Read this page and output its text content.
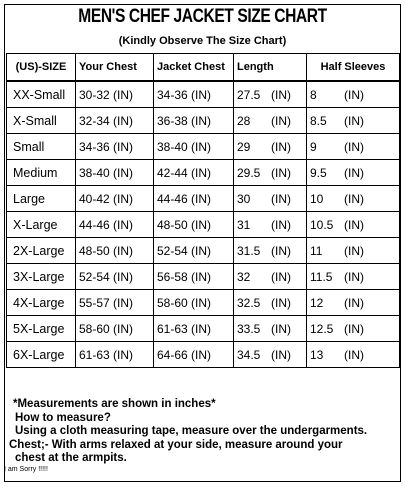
MEN'S CHEF JACKET SIZE CHART
(Kindly Observe The Size Chart)
(US)-SIZE	Your Chest	Jacket Chest	Length	Half Sleeves
XX-Small	30-32 (IN)	34-36 (IN)	27.5 (IN)	8 (IN)
X-Small	32-34 (IN)	36-38 (IN)	28 (IN)	8.5 (IN)
Small	34-36 (IN)	38-40 (IN)	29 (IN)	9 (IN)
Medium	38-40 (IN)	42-44 (IN)	29.5 (IN)	9.5 (IN)
Large	40-42 (IN)	44-46 (IN)	30 (IN)	10 (IN)
X-Large	44-46 (IN)	48-50 (IN)	31 (IN)	10.5 (IN)
2X-Large	48-50 (IN)	52-54 (IN)	31.5 (IN)	11 (IN)
3X-Large	52-54 (IN)	56-58 (IN)	32 (IN)	11.5 (IN)
4X-Large	55-57 (IN)	58-60 (IN)	32.5 (IN)	12 (IN)
5X-Large	58-60 (IN)	61-63 (IN)	33.5 (IN)	12.5 (IN)
6X-Large	61-63 (IN)	64-66 (IN)	34.5 (IN)	13 (IN)
*Measurements are shown in inches*
How to measure?
Using a cloth measuring tape, measure over the undergarments.
Chest;- With arms relaxed at your side, measure around your
chest at the armpits.
I am Sorry !!!!!
